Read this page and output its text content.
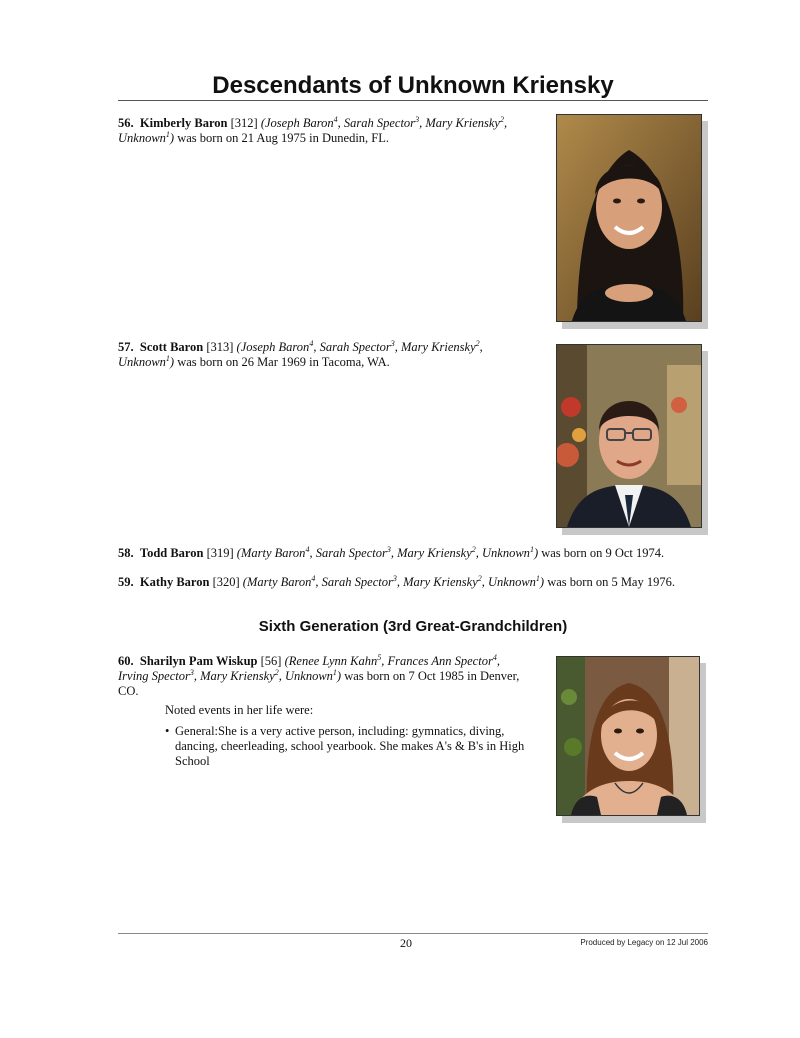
Descendants of Unknown Kriensky
56. Kimberly Baron [312] (Joseph Baron$^4$, Sarah Spector$^3$, Mary Kriensky$^2$, Unknown$^1$) was born on 21 Aug 1975 in Dunedin, FL.
57. Scott Baron [313] (Joseph Baron$^4$, Sarah Spector$^3$, Mary Kriensky$^2$, Unknown$^1$) was born on 26 Mar 1969 in Tacoma, WA.
58. Todd Baron [319] (Marty Baron$^4$, Sarah Spector$^3$, Mary Kriensky$^2$, Unknown$^1$) was born on 9 Oct 1974.
59. Kathy Baron [320] (Marty Baron$^4$, Sarah Spector$^3$, Mary Kriensky$^2$, Unknown$^1$) was born on 5 May 1976.
Sixth Generation (3rd Great-Grandchildren)
60. Sharilyn Pam Wiskup [56] (Renee Lynn Kahn$^5$, Frances Ann Spector$^4$, Irving Spector$^3$, Mary Kriensky$^2$, Unknown$^1$) was born on 7 Oct 1985 in Denver, CO.
Noted events in her life were:
• General:She is a very active person, including: gymnatics, diving, dancing, cheerleading, school yearbook. She makes A's & B's in High School
20	Produced by Legacy on 12 Jul 2006
